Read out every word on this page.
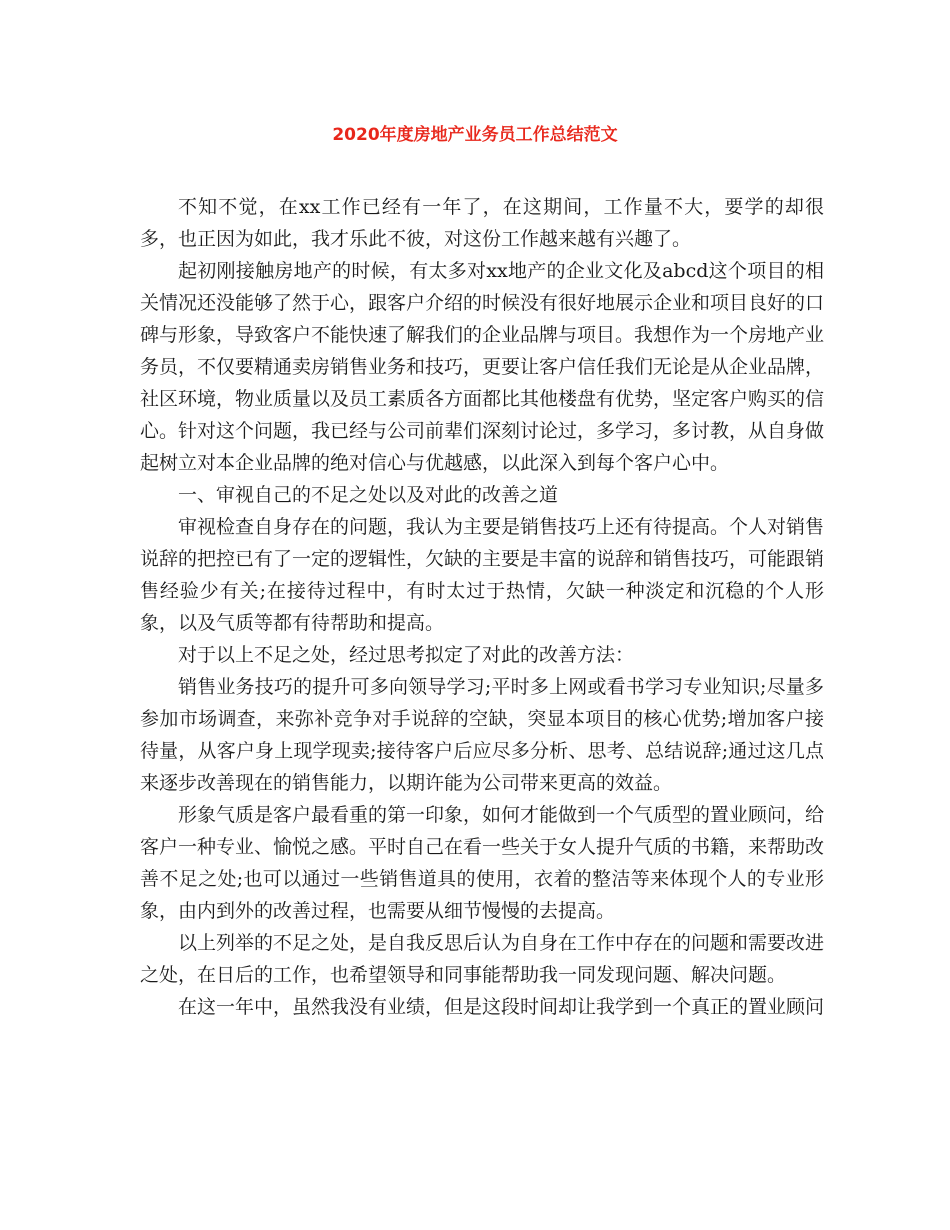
2020年度房地产业务员工作总结范文

不知不觉，在xx工作已经有一年了，在这期间，工作量不大，要学的却很多，也正因为如此，我才乐此不彼，对这份工作越来越有兴趣了。

起初刚接触房地产的时候，有太多对xx地产的企业文化及abcd这个项目的相关情况还没能够了然于心，跟客户介绍的时候没有很好地展示企业和项目良好的口碑与形象，导致客户不能快速了解我们的企业品牌与项目。我想作为一个房地产业务员，不仅要精通卖房销售业务和技巧，更要让客户信任我们无论是从企业品牌，社区环境，物业质量以及员工素质各方面都比其他楼盘有优势，坚定客户购买的信心。针对这个问题，我已经与公司前辈们深刻讨论过，多学习，多讨教，从自身做起树立对本企业品牌的绝对信心与优越感，以此深入到每个客户心中。

一、审视自己的不足之处以及对此的改善之道

审视检查自身存在的问题，我认为主要是销售技巧上还有待提高。个人对销售说辞的把控已有了一定的逻辑性，欠缺的主要是丰富的说辞和销售技巧，可能跟销售经验少有关;在接待过程中，有时太过于热情，欠缺一种淡定和沉稳的个人形象，以及气质等都有待帮助和提高。

对于以上不足之处，经过思考拟定了对此的改善方法：

销售业务技巧的提升可多向领导学习;平时多上网或看书学习专业知识;尽量多参加市场调查，来弥补竞争对手说辞的空缺，突显本项目的核心优势;增加客户接待量，从客户身上现学现卖;接待客户后应尽多分析、思考、总结说辞;通过这几点来逐步改善现在的销售能力，以期许能为公司带来更高的效益。

形象气质是客户最看重的第一印象，如何才能做到一个气质型的置业顾问，给客户一种专业、愉悦之感。平时自己在看一些关于女人提升气质的书籍，来帮助改善不足之处;也可以通过一些销售道具的使用，衣着的整洁等来体现个人的专业形象，由内到外的改善过程，也需要从细节慢慢的去提高。

以上列举的不足之处，是自我反思后认为自身在工作中存在的问题和需要改进之处，在日后的工作，也希望领导和同事能帮助我一同发现问题、解决问题。

在这一年中，虽然我没有业绩，但是这段时间却让我学到一个真正的置业顾问
